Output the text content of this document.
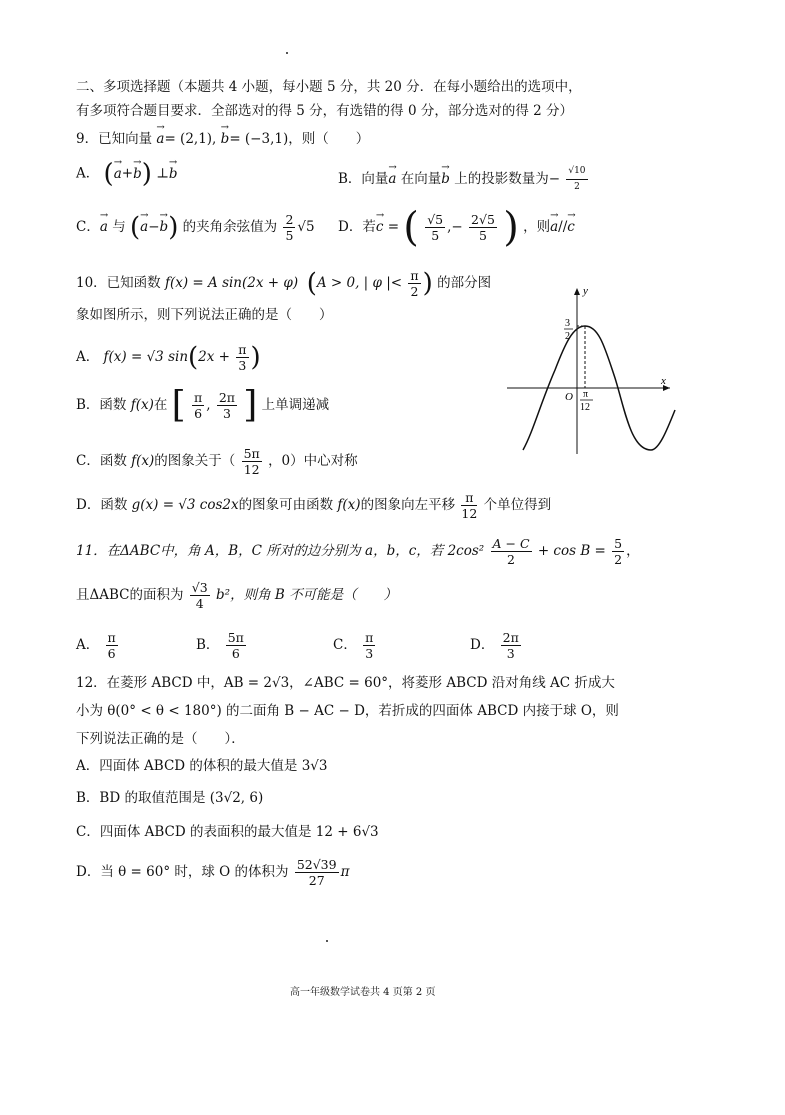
二、多项选择题（本题共 4 小题，每小题 5 分，共 20 分．在每小题给出的选项中，
有多项符合题目要求．全部选对的得 5 分，有选错的得 0 分，部分选对的得 2 分）
9．已知向量 → a= (2,1), → b= (−3,1)，则（　　）
A． (→ a+→ b) ⊥→ b	B．向量→ a 在向量→ b 上的投影数量为− $\frac{√10}{2}$
C．→ a 与 (→ a−→ b) 的夹角余弦值为 $\frac{2}{5} √5$ D．若→ c = ( $\frac{√5}{5}$ ,− $\frac{2√5}{5}$ ) ，则→ a//→ c
10．已知函数 f(x) = A sin(2x + φ) (A > 0, | φ |< $\frac{\pi}{2}$ ) 的部分图
象如图所示，则下列说法正确的是（　　）
A． f(x) = √3 $\sin(2x + \frac{\pi}{3}$ )
B．函数 f(x)在 [ $\frac{\pi}{6}$ , $\frac{2\pi}{3}$ ] 上单调递减
C．函数 f(x)的图象关于（ $\frac{5\pi}{12}$ ，0）中心对称
D．函数 g(x) = √3 cos2x的图象可由函数 f(x)的图象向左平移 $\frac{\pi}{12}$ 个单位得到
y
x
O
3
2
π
12
11．在ΔABC中，角 A，B，C 所对的边分别为 a，b，c，若 $2\cos^2 \frac{A - C}{2} + \cos B = \frac{5}{2}$ ，
且ΔABC的面积为 $\frac{√3}{4} b^2$，则角 B 不可能是（　　）
A． $\frac{\pi}{6}$	B． $\frac{5\pi}{6}$	C． $\frac{\pi}{3}$	D． $\frac{2\pi}{3}$
12．在菱形 ABCD 中，AB = 2√3，∠ABC = 60°，将菱形 ABCD 沿对角线 AC 折成大
小为 θ(0° < θ < 180°) 的二面角 B − AC − D，若折成的四面体 ABCD 内接于球 O，则
下列说法正确的是（　　）．
A．四面体 ABCD 的体积的最大值是 3√3
B．BD 的取值范围是 (3√2, 6)
C．四面体 ABCD 的表面积的最大值是 12 + 6√3
D．当 θ = 60° 时，球 O 的体积为 $\frac{52√39}{27}$ π
高一年级数学试卷共 4 页第 2 页
